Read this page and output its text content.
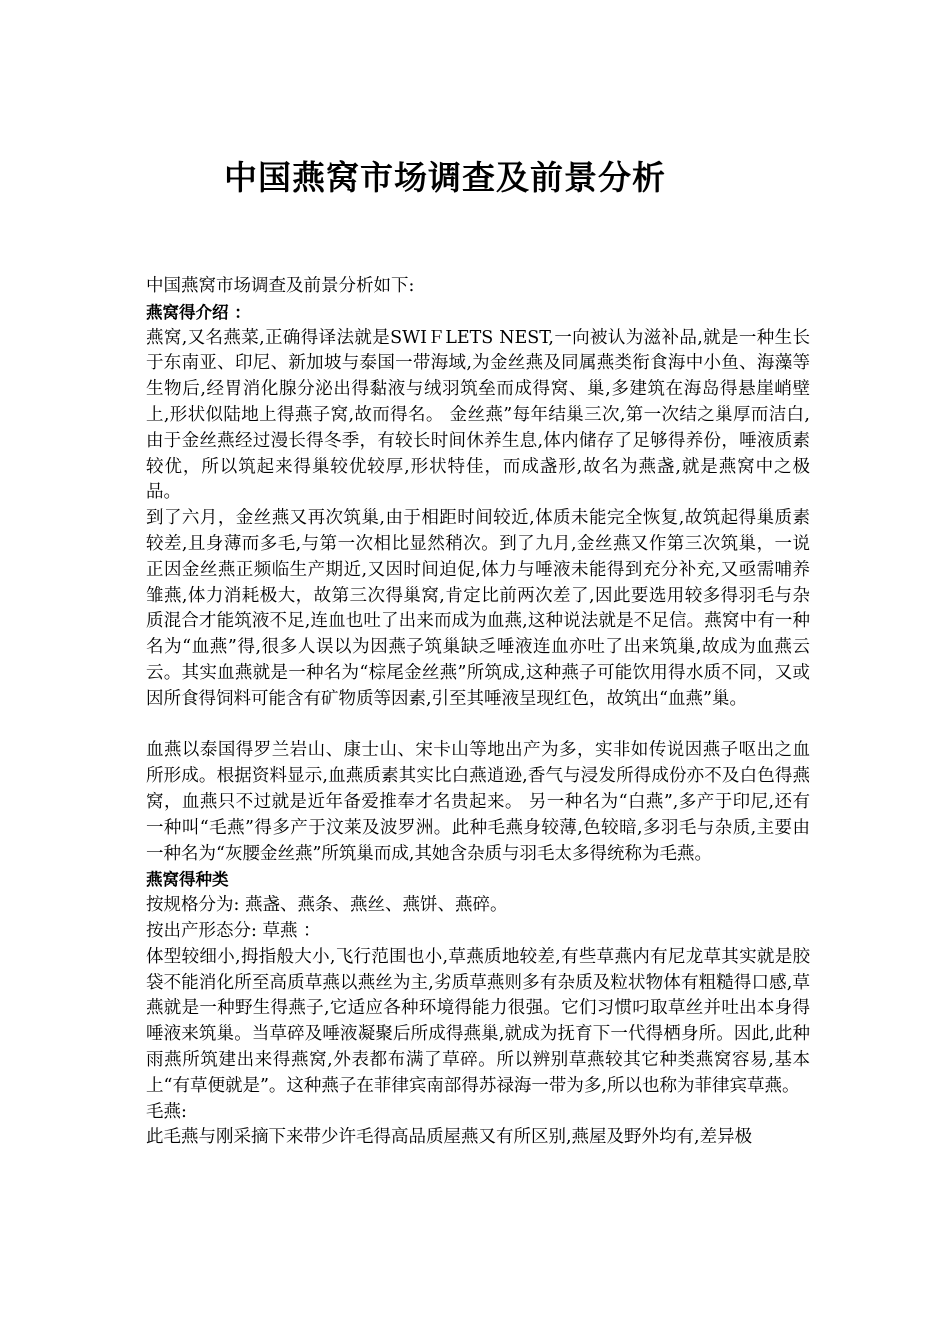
中国燕窝市场调查及前景分析

中国燕窝市场调查及前景分析如下:

燕窝得介绍 ：

燕窝,又名燕菜,正确得译法就是SWIＦLETS NEST,一向被认为滋补品,就是一种生长于东南亚、印尼、新加坡与泰国一带海域,为金丝燕及同属燕类衔食海中小鱼、海藻等生物后,经胃消化腺分泌出得黏液与绒羽筑垒而成得窝、巢,多建筑在海岛得悬崖峭壁上,形状似陆地上得燕子窝,故而得名。 金丝燕”每年结巢三次,第一次结之巢厚而洁白,由于金丝燕经过漫长得冬季，有较长时间休养生息,体内储存了足够得养份，唾液质素较优，所以筑起来得巢较优较厚,形状特佳，而成盏形,故名为燕盏,就是燕窝中之极品。

到了六月，金丝燕又再次筑巢,由于相距时间较近,体质未能完全恢复,故筑起得巢质素较差,且身薄而多毛,与第一次相比显然稍次。到了九月,金丝燕又作第三次筑巢，一说正因金丝燕正频临生产期近,又因时间迫促,体力与唾液未能得到充分补充,又亟需哺养雏燕,体力消耗极大，故第三次得巢窝,肯定比前两次差了,因此要选用较多得羽毛与杂质混合才能筑液不足,连血也吐了出来而成为血燕,这种说法就是不足信。燕窝中有一种名为“血燕”得,很多人误以为因燕子筑巢缺乏唾液连血亦吐了出来筑巢,故成为血燕云云。其实血燕就是一种名为“棕尾金丝燕”所筑成,这种燕子可能饮用得水质不同，又或因所食得饲料可能含有矿物质等因素,引至其唾液呈现红色，故筑出“血燕”巢。

血燕以泰国得罗兰岩山、康士山、宋卡山等地出产为多，实非如传说因燕子呕出之血所形成。根据资料显示,血燕质素其实比白燕逍逊,香气与浸发所得成份亦不及白色得燕窝，血燕只不过就是近年备爱推奉才名贵起来。 另一种名为“白燕”,多产于印尼,还有一种叫“毛燕”得多产于汶莱及波罗洲。此种毛燕身较薄,色较暗,多羽毛与杂质,主要由一种名为“灰腰金丝燕”所筑巢而成,其她含杂质与羽毛太多得统称为毛燕。

燕窝得种类

按规格分为: 燕盏、燕条、燕丝、燕饼、燕碎。

按出产形态分: 草燕 ：

体型较细小,拇指般大小,飞行范围也小,草燕质地较差,有些草燕内有尼龙草其实就是胶袋不能消化所至高质草燕以燕丝为主,劣质草燕则多有杂质及粒状物体有粗糙得口感,草燕就是一种野生得燕子,它适应各种环境得能力很强。它们习惯叼取草丝并吐出本身得唾液来筑巢。当草碎及唾液凝聚后所成得燕巢,就成为抚育下一代得栖身所。因此,此种雨燕所筑建出来得燕窝,外表都布满了草碎。所以辨别草燕较其它种类燕窝容易,基本上“有草便就是”。这种燕子在菲律宾南部得苏禄海一带为多,所以也称为菲律宾草燕。

毛燕:

此毛燕与刚采摘下来带少许毛得高品质屋燕又有所区别,燕屋及野外均有,差异极
